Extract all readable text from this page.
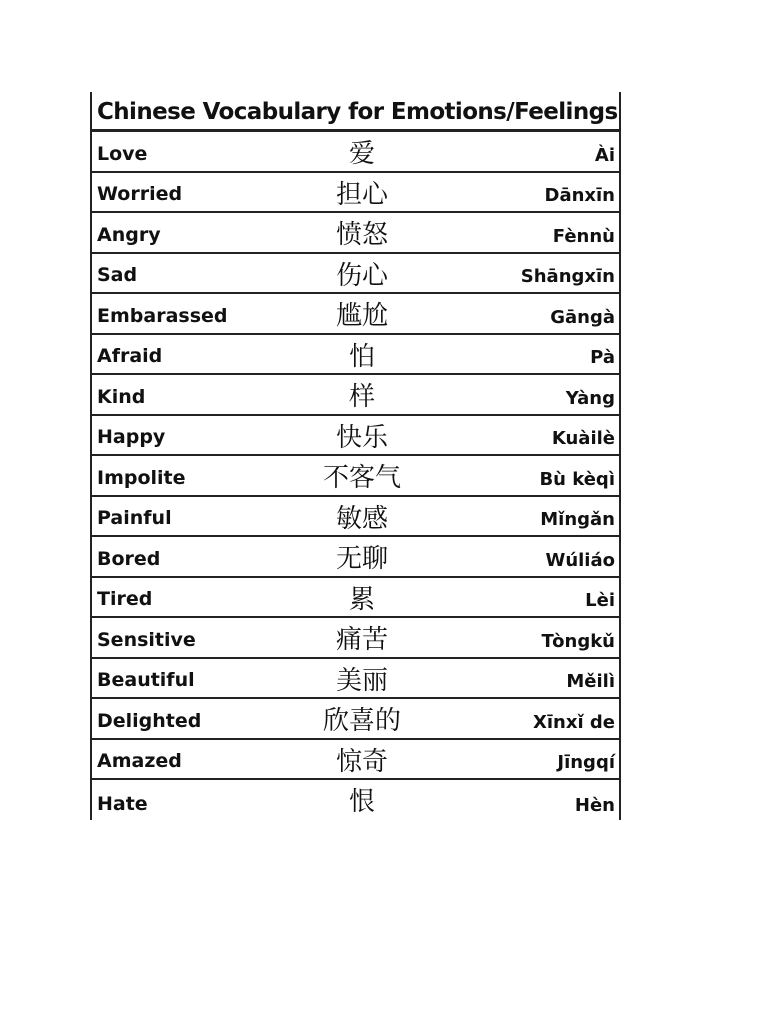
Chinese Vocabulary for Emotions/Feelings
Love	爱	Ài
Worried	担心	Dānxīn
Angry	愤怒	Fènnù
Sad	伤心	Shāngxīn
Embarassed	尴尬	Gāngà
Afraid	怕	Pà
Kind	样	Yàng
Happy	快乐	Kuàilè
Impolite	不客气	Bù kèqì
Painful	敏感	Mǐngǎn
Bored	无聊	Wúliáo
Tired	累	Lèi
Sensitive	痛苦	Tòngkǔ
Beautiful	美丽	Měilì
Delighted	欣喜的	Xīnxǐ de
Amazed	惊奇	Jīngqí
Hate	恨	Hèn
